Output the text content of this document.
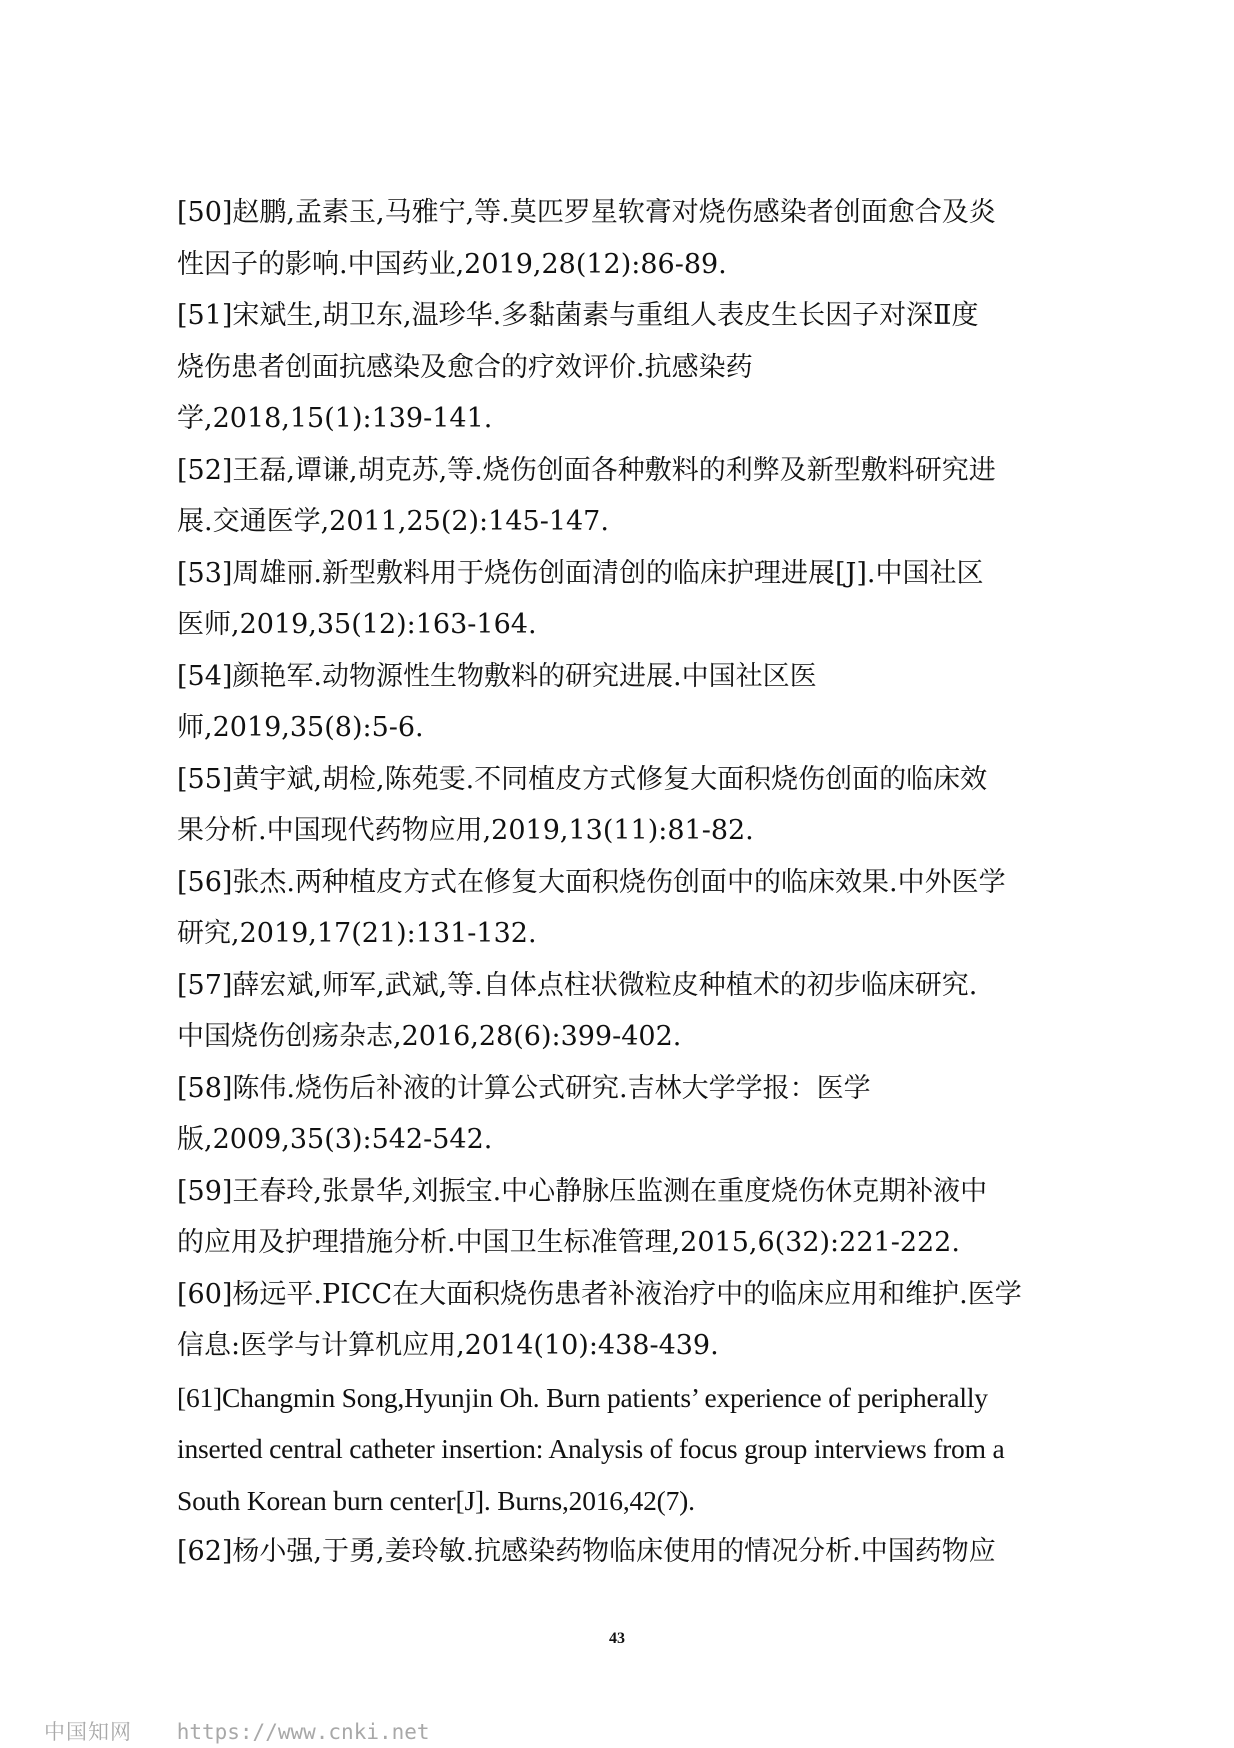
[50]赵鹏,孟素玉,马雅宁,等.莫匹罗星软膏对烧伤感染者创面愈合及炎
性因子的影响.中国药业,2019,28(12):86-89.
[51]宋斌生,胡卫东,温珍华.多黏菌素与重组人表皮生长因子对深Ⅱ度
烧伤患者创面抗感染及愈合的疗效评价.抗感染药
学,2018,15(1):139-141.
[52]王磊,谭谦,胡克苏,等.烧伤创面各种敷料的利弊及新型敷料研究进
展.交通医学,2011,25(2):145-147.
[53]周雄丽.新型敷料用于烧伤创面清创的临床护理进展[J].中国社区
医师,2019,35(12):163-164.
[54]颜艳军.动物源性生物敷料的研究进展.中国社区医
师,2019,35(8):5-6.
[55]黄宇斌,胡检,陈苑雯.不同植皮方式修复大面积烧伤创面的临床效
果分析.中国现代药物应用,2019,13(11):81-82.
[56]张杰.两种植皮方式在修复大面积烧伤创面中的临床效果.中外医学
研究,2019,17(21):131-132.
[57]薛宏斌,师军,武斌,等.自体点柱状微粒皮种植术的初步临床研究.
中国烧伤创疡杂志,2016,28(6):399-402.
[58]陈伟.烧伤后补液的计算公式研究.吉林大学学报：医学
版,2009,35(3):542-542.
[59]王春玲,张景华,刘振宝.中心静脉压监测在重度烧伤休克期补液中
的应用及护理措施分析.中国卫生标准管理,2015,6(32):221-222.
[60]杨远平.PICC在大面积烧伤患者补液治疗中的临床应用和维护.医学
信息:医学与计算机应用,2014(10):438-439.
[61]Changmin Song,Hyunjin Oh. Burn patients’ experience of peripherally
inserted central catheter insertion: Analysis of focus group interviews from a
South Korean burn center[J]. Burns,2016,42(7).
[62]杨小强,于勇,姜玲敏.抗感染药物临床使用的情况分析.中国药物应
43
中国知网 https://www.cnki.net
